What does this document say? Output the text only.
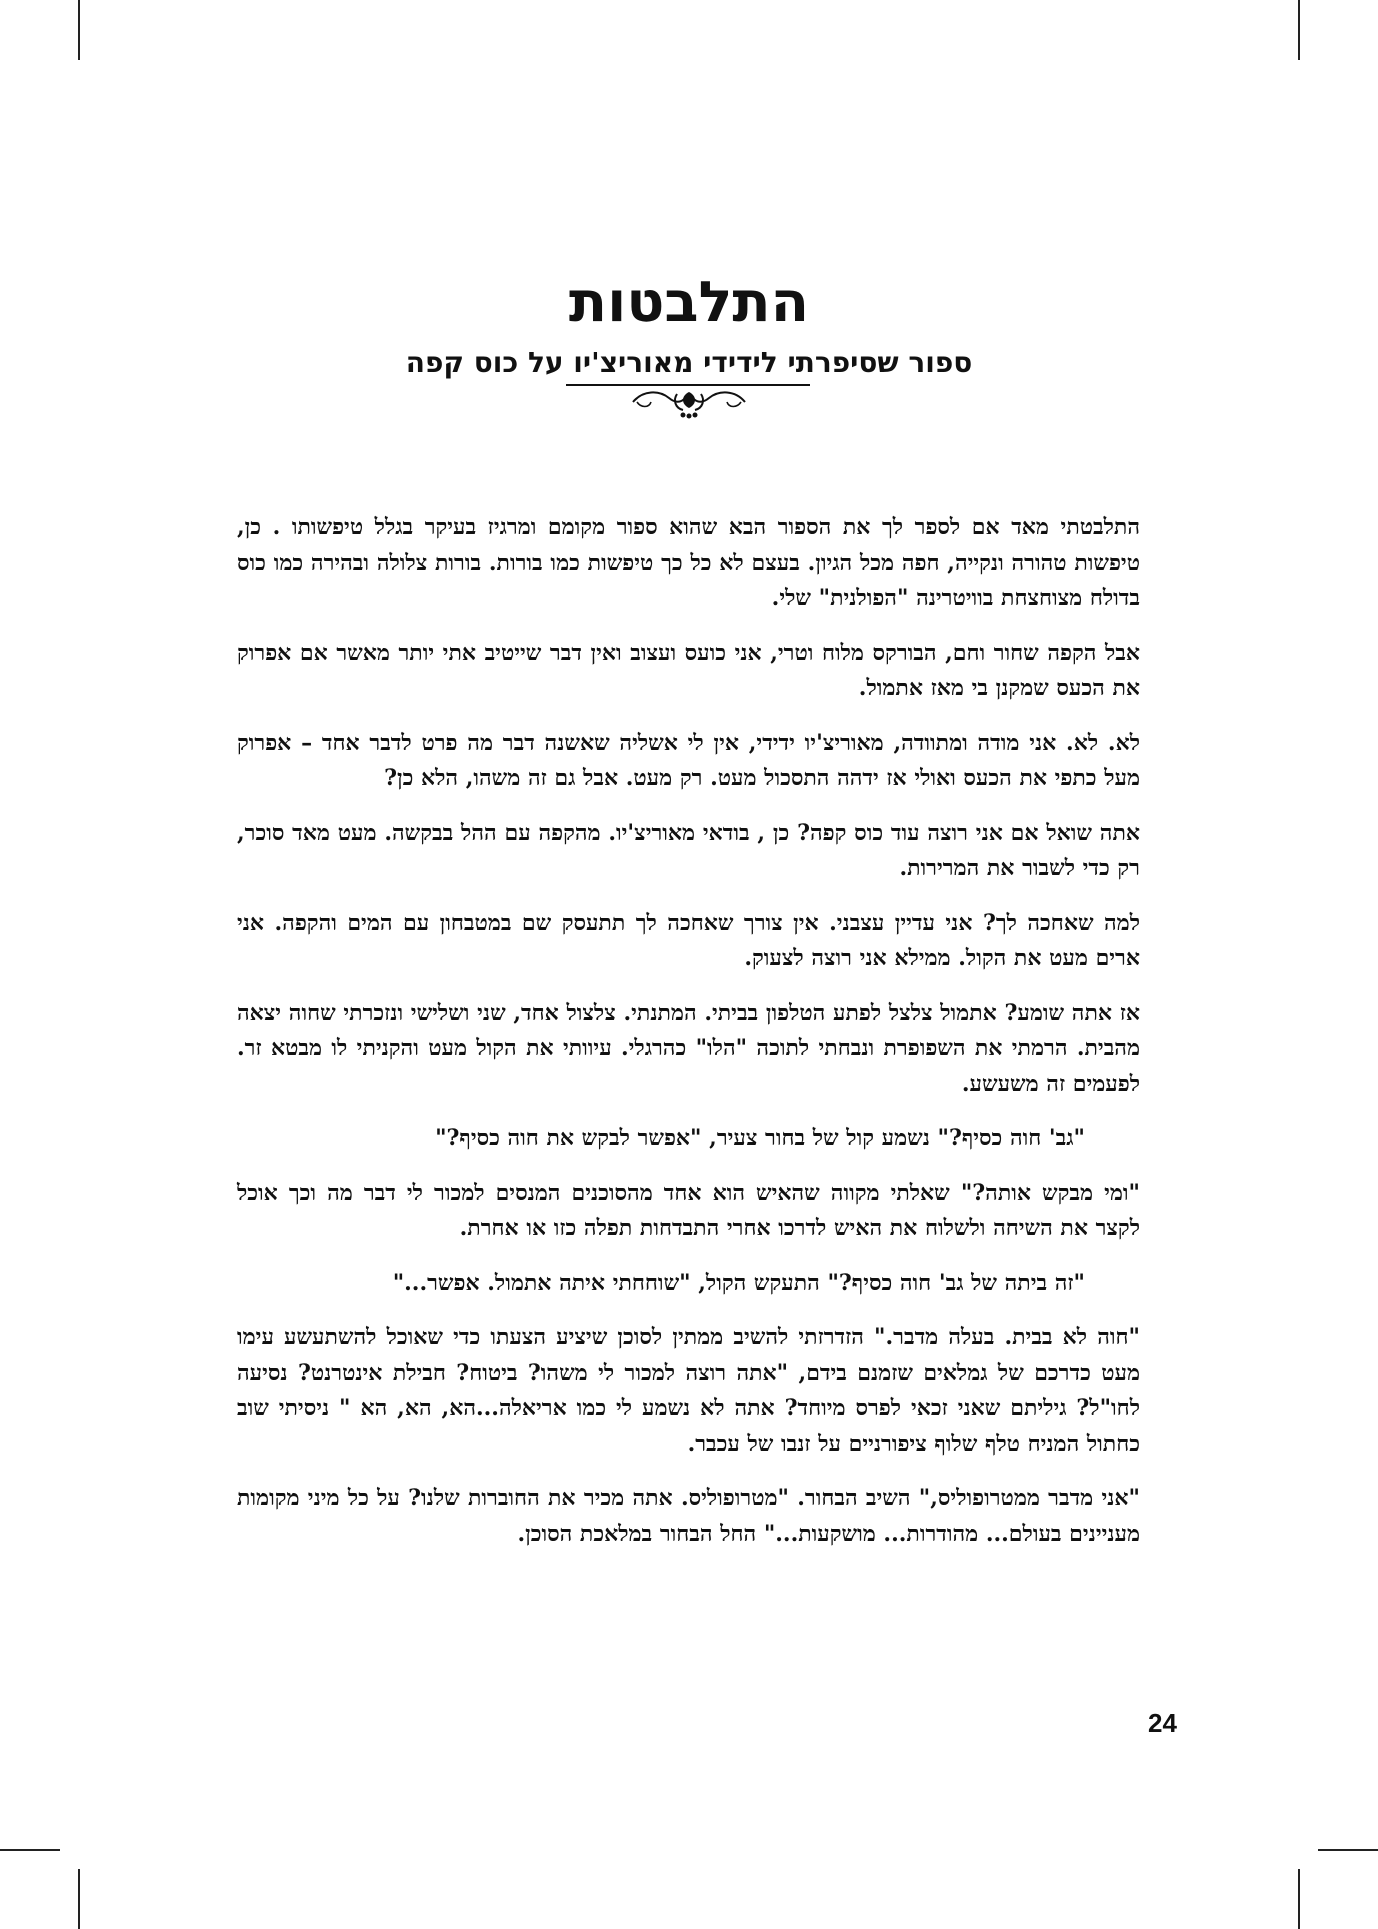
התלבטות
ספור שסיפרתי לידידי מאוריצ'יו על כוס קפה

התלבטתי מאד אם לספר לך את הספור הבא שהוא ספור מקומם ומרגיז בעיקר בגלל טיפשותו . כן, טיפשות טהורה ונקייה, חפה מכל הגיון. בעצם לא כל כך טיפשות כמו בורות. בורות צלולה ובהירה כמו כוס בדולח מצוחצחת בוויטרינה "הפולנית" שלי.

אבל הקפה שחור וחם, הבורקס מלוח וטרי, אני כועס ועצוב ואין דבר שייטיב אתי יותר מאשר אם אפרוק את הכעס שמקנן בי מאז אתמול.

לא. לא. אני מודה ומתוודה, מאוריצ'יו ידידי, אין לי אשליה שאשנה דבר מה פרט לדבר אחד – אפרוק מעל כתפי את הכעס ואולי אז ידהה התסכול מעט. רק מעט. אבל גם זה משהו, הלא כן?

אתה שואל אם אני רוצה עוד כוס קפה? כן , בודאי מאוריצ'יו. מהקפה עם ההל בבקשה. מעט מאד סוכר, רק כדי לשבור את המרירות.

למה שאחכה לך? אני עדיין עצבני. אין צורך שאחכה לך תתעסק שם במטבחון עם המים והקפה. אני ארים מעט את הקול. ממילא אני רוצה לצעוק.

אז אתה שומע? אתמול צלצל לפתע הטלפון בביתי. המתנתי. צלצול אחד, שני ושלישי ונזכרתי שחוה יצאה מהבית. הרמתי את השפופרת ונבחתי לתוכה "הלו" כהרגלי. עיוותי את הקול מעט והקניתי לו מבטא זר. לפעמים זה משעשע.

"גב' חוה כסיף?" נשמע קול של בחור צעיר, "אפשר לבקש את חוה כסיף?"

"ומי מבקש אותה?" שאלתי מקווה שהאיש הוא אחד מהסוכנים המנסים למכור לי דבר מה וכך אוכל לקצר את השיחה ולשלוח את האיש לדרכו אחרי התבדחות תפלה כזו או אחרת.

"זה ביתה של גב' חוה כסיף?" התעקש הקול, "שוחחתי איתה אתמול. אפשר..."

"חוה לא בבית. בעלה מדבר." הזדרזתי להשיב ממתין לסוכן שיציע הצעתו כדי שאוכל להשתעשע עימו מעט כדרכם של גמלאים שזמנם בידם, "אתה רוצה למכור לי משהו? ביטוח? חבילת אינטרנט? נסיעה לחו"ל? גיליתם שאני זכאי לפרס מיוחד? אתה לא נשמע לי כמו אריאלה...הא, הא, הא " ניסיתי שוב כחתול המניח טלף שלוף ציפורניים על זנבו של עכבר.

"אני מדבר ממטרופוליס," השיב הבחור. "מטרופוליס. אתה מכיר את החוברות שלנו? על כל מיני מקומות מעניינים בעולם... מהודרות... מושקעות..." החל הבחור במלאכת הסוכן.

24
